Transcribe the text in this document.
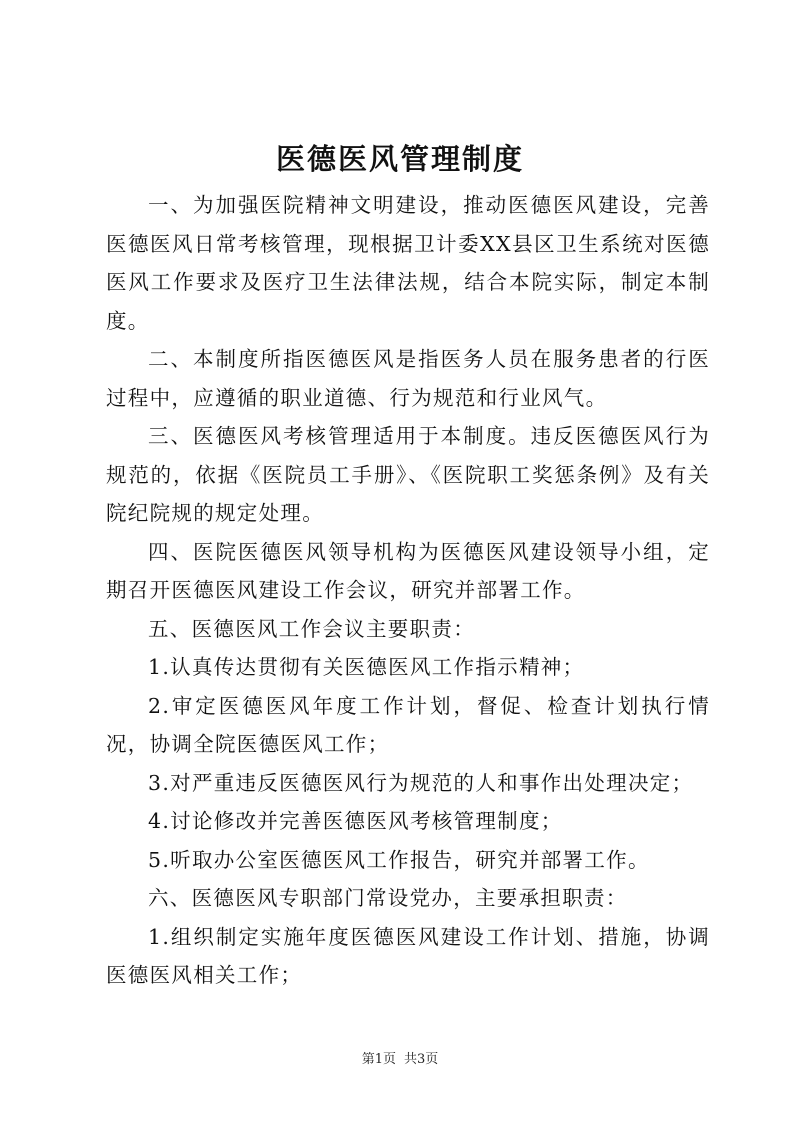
医德医风管理制度

一、为加强医院精神文明建设，推动医德医风建设，完善医德医风日常考核管理，现根据卫计委XX县区卫生系统对医德医风工作要求及医疗卫生法律法规，结合本院实际，制定本制度。

二、本制度所指医德医风是指医务人员在服务患者的行医过程中，应遵循的职业道德、行为规范和行业风气。

三、医德医风考核管理适用于本制度。违反医德医风行为规范的，依据《医院员工手册》、《医院职工奖惩条例》及有关院纪院规的规定处理。

四、医院医德医风领导机构为医德医风建设领导小组，定期召开医德医风建设工作会议，研究并部署工作。

五、医德医风工作会议主要职责：

1.认真传达贯彻有关医德医风工作指示精神；

2.审定医德医风年度工作计划，督促、检查计划执行情况，协调全院医德医风工作；

3.对严重违反医德医风行为规范的人和事作出处理决定；

4.讨论修改并完善医德医风考核管理制度；

5.听取办公室医德医风工作报告，研究并部署工作。

六、医德医风专职部门常设党办，主要承担职责：

1.组织制定实施年度医德医风建设工作计划、措施，协调医德医风相关工作；

第1页 共3页
